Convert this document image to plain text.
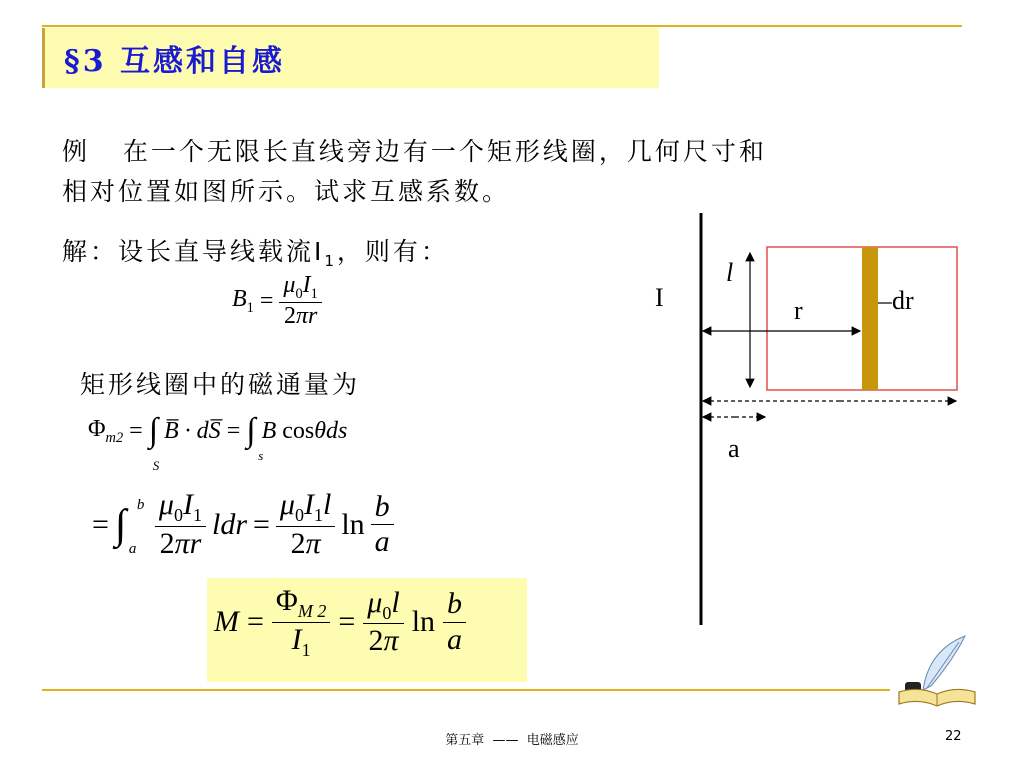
§3 互感和自感
例   在一个无限长直线旁边有一个矩形线圈，几何尺寸和
相对位置如图所示。试求互感系数。
解：设长直导线载流$I_1$，则有：
$B_1 = \frac{\mu_0I_1}{2\pi r}$
矩形线圈中的磁通量为
$\Phi_{m2}$ = ∫
S
B̅ · dS̅ = ∫
s
B cosθds
= ∫ b
a $\frac{\mu_0I_1}{2\pi r}$ ldr = $\frac{\mu_0I_1l}{2\pi}$ $\ln \frac{b}{a}$
$M = \frac{\Phi_{M 2}}{I_1} = \frac{\mu_0l}{2\pi}$ $\ln \frac{b}{a}$
I
l
r	dr
a
第五章  ——  电磁感应	22
